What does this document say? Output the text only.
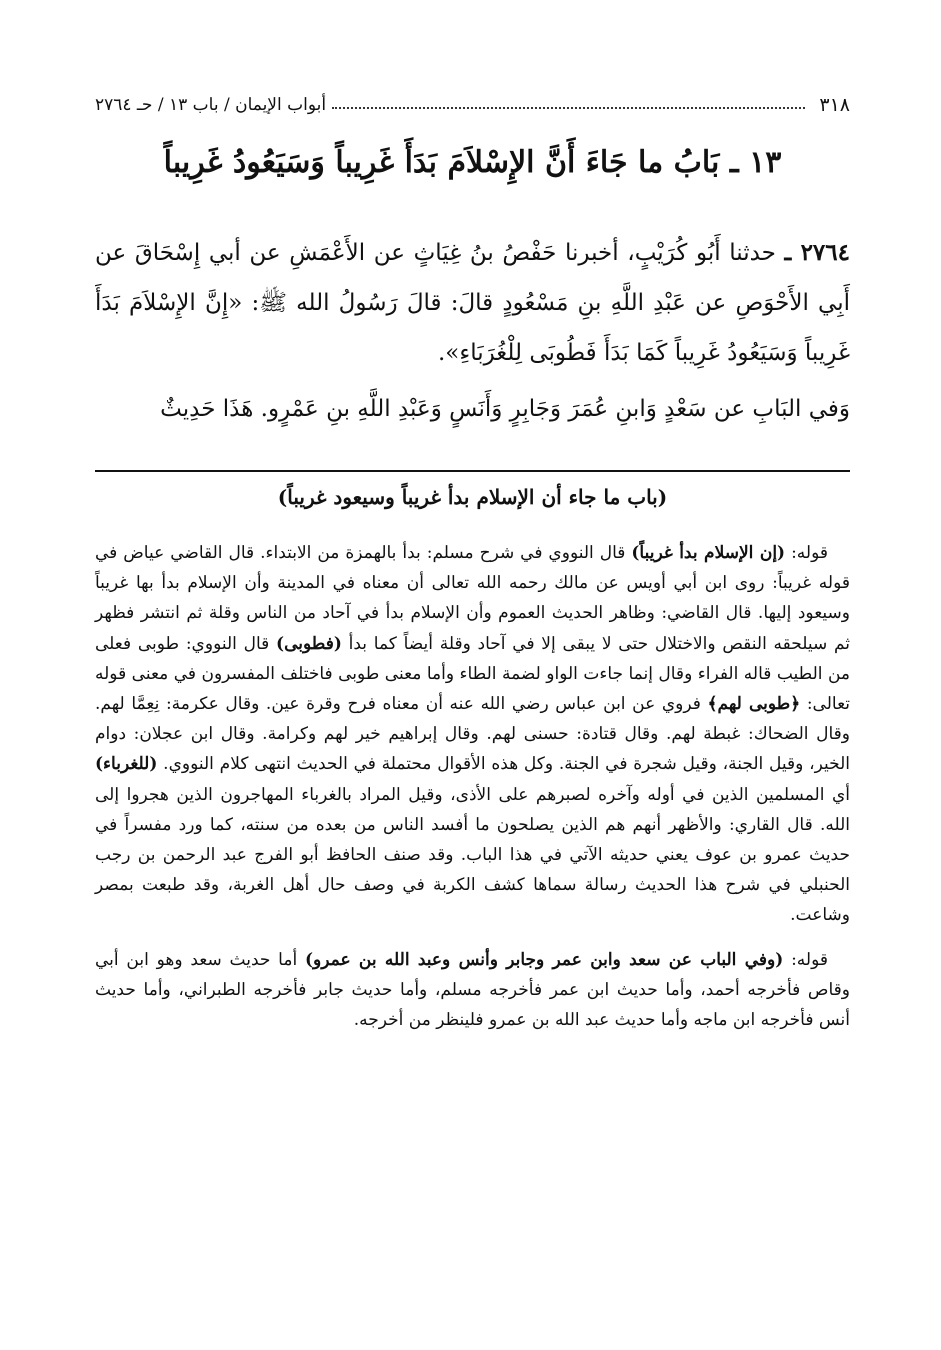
٣١٨
أبواب الإيمان / باب ١٣ / حـ ٢٧٦٤
١٣ ـ بَابُ ما جَاءَ أَنَّ الإِسْلاَمَ بَدَأَ غَرِيباً وَسَيَعُودُ غَرِيباً

٢٧٦٤ ـ حدثنا أَبُو كُرَيْبٍ، أخبرنا حَفْصُ بنُ غِيَاثٍ عن الأَعْمَشِ عن أبي إِسْحَاقَ عن أَبِي الأَحْوَصِ عن عَبْدِ اللَّهِ بنِ مَسْعُودٍ قالَ: قالَ رَسُولُ الله ﷺ: «إِنَّ الإِسْلاَمَ بَدَأَ غَرِيباً وَسَيَعُودُ غَرِيباً كَمَا بَدَأَ فَطُوبَى لِلْغُرَبَاءِ».

وَفي البَابِ عن سَعْدٍ وَابنِ عُمَرَ وَجَابِرٍ وَأَنَسٍ وَعَبْدِ اللَّهِ بنِ عَمْرٍو. هَذَا حَدِيثٌ

(باب ما جاء أن الإسلام بدأ غريباً وسيعود غريباً)

قوله: (إن الإسلام بدأ غريباً) قال النووي في شرح مسلم: بدأ بالهمزة من الابتداء. قال القاضي عياض في قوله غريباً: روى ابن أبي أويس عن مالك رحمه الله تعالى أن معناه في المدينة وأن الإسلام بدأ بها غريباً وسيعود إليها. قال القاضي: وظاهر الحديث العموم وأن الإسلام بدأ في آحاد من الناس وقلة ثم انتشر فظهر ثم سيلحقه النقص والاختلال حتى لا يبقى إلا في آحاد وقلة أيضاً كما بدأ (فطوبى) قال النووي: طوبى فعلى من الطيب قاله الفراء وقال إنما جاءت الواو لضمة الطاء وأما معنى طوبى فاختلف المفسرون في معنى قوله تعالى: ﴿طوبى لهم﴾ فروي عن ابن عباس رضي الله عنه أن معناه فرح وقرة عين. وقال عكرمة: نِعِمَّا لهم. وقال الضحاك: غبطة لهم. وقال قتادة: حسنى لهم. وقال إبراهيم خير لهم وكرامة. وقال ابن عجلان: دوام الخير، وقيل الجنة، وقيل شجرة في الجنة. وكل هذه الأقوال محتملة في الحديث انتهى كلام النووي. (للغرباء) أي المسلمين الذين في أوله وآخره لصبرهم على الأذى، وقيل المراد بالغرباء المهاجرون الذين هجروا إلى الله. قال القاري: والأظهر أنهم هم الذين يصلحون ما أفسد الناس من بعده من سنته، كما ورد مفسراً في حديث عمرو بن عوف يعني حديثه الآتي في هذا الباب. وقد صنف الحافظ أبو الفرج عبد الرحمن بن رجب الحنبلي في شرح هذا الحديث رسالة سماها كشف الكربة في وصف حال أهل الغربة، وقد طبعت بمصر وشاعت.

قوله: (وفي الباب عن سعد وابن عمر وجابر وأنس وعبد الله بن عمرو) أما حديث سعد وهو ابن أبي وقاص فأخرجه أحمد، وأما حديث ابن عمر فأخرجه مسلم، وأما حديث جابر فأخرجه الطبراني، وأما حديث أنس فأخرجه ابن ماجه وأما حديث عبد الله بن عمرو فلينظر من أخرجه.
